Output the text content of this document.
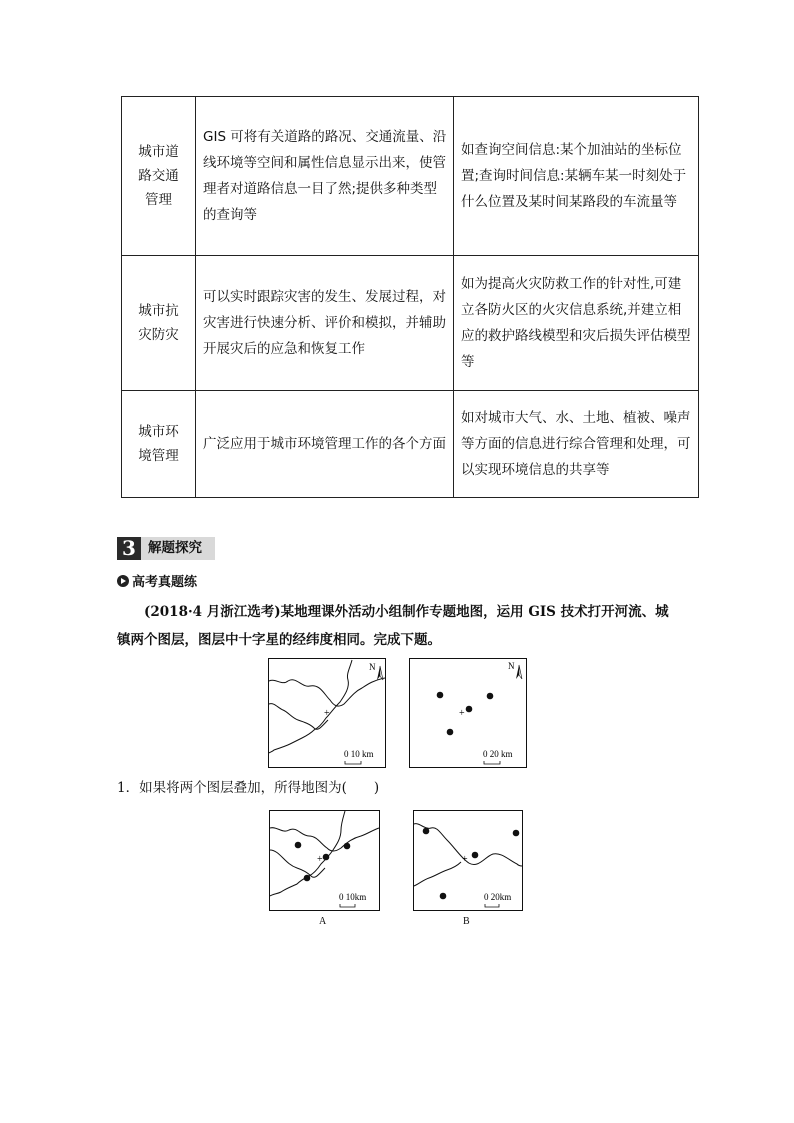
城市道路交通管理	GIS 可将有关道路的路况、交通流量、沿线环境等空间和属性信息显示出来，使管理者对道路信息一目了然;提供多种类型的查询等	如查询空间信息:某个加油站的坐标位置;查询时间信息:某辆车某一时刻处于什么位置及某时间某路段的车流量等
城市抗灾防灾	可以实时跟踪灾害的发生、发展过程，对灾害进行快速分析、评价和模拟，并辅助开展灾后的应急和恢复工作	如为提高火灾防救工作的针对性,可建立各防火区的火灾信息系统,并建立相应的救护路线模型和灾后损失评估模型等
城市环境管理	广泛应用于城市环境管理工作的各个方面	如对城市大气、水、土地、植被、噪声等方面的信息进行综合管理和处理，可以实现环境信息的共享等
3 解题探究
高考真题练

(2018·4 月浙江选考)某地理课外活动小组制作专题地图，运用 GIS 技术打开河流、城镇两个图层，图层中十字星的经纬度相同。完成下题。

+
N
0 10 km
+
N
0 20 km
1．如果将两个图层叠加，所得地图为(　　)
+
0 10km
A
+
0 20km
B
